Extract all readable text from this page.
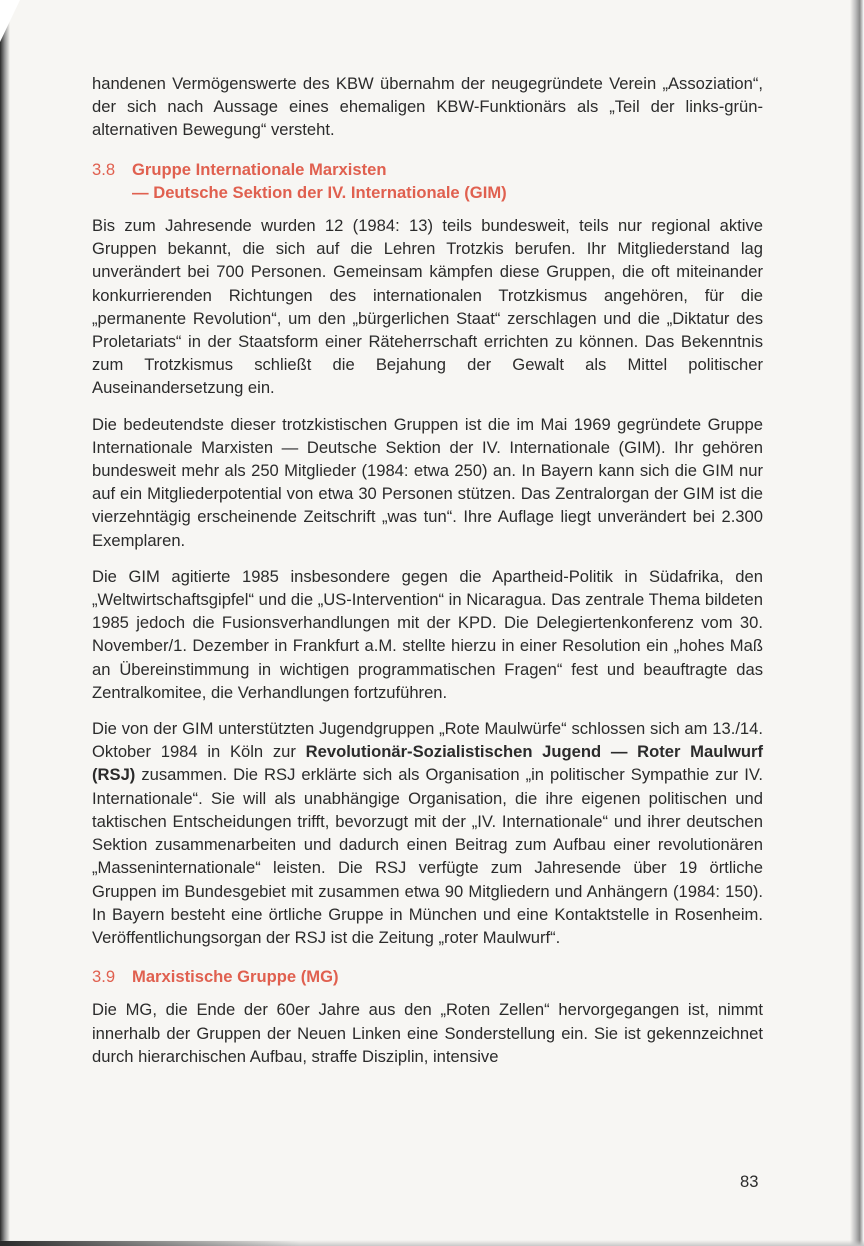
handenen Vermögenswerte des KBW übernahm der neugegründete Verein „Assoziation“, der sich nach Aussage eines ehemaligen KBW-Funktionärs als „Teil der links-grün-alternativen Bewegung“ versteht.

3.8 Gruppe Internationale Marxisten
— Deutsche Sektion der IV. Internationale (GIM)

Bis zum Jahresende wurden 12 (1984: 13) teils bundesweit, teils nur regional aktive Gruppen bekannt, die sich auf die Lehren Trotzkis berufen. Ihr Mitgliederstand lag unverändert bei 700 Personen. Gemeinsam kämpfen diese Gruppen, die oft miteinander konkurrierenden Richtungen des internationalen Trotzkismus angehören, für die „permanente Revolution“, um den „bürgerlichen Staat“ zerschlagen und die „Diktatur des Proletariats“ in der Staatsform einer Räteherrschaft errichten zu können. Das Bekenntnis zum Trotzkismus schließt die Bejahung der Gewalt als Mittel politischer Auseinandersetzung ein.

Die bedeutendste dieser trotzkistischen Gruppen ist die im Mai 1969 gegründete Gruppe Internationale Marxisten — Deutsche Sektion der IV. Internationale (GIM). Ihr gehören bundesweit mehr als 250 Mitglieder (1984: etwa 250) an. In Bayern kann sich die GIM nur auf ein Mitgliederpotential von etwa 30 Personen stützen. Das Zentralorgan der GIM ist die vierzehntägig erscheinende Zeitschrift „was tun“. Ihre Auflage liegt unverändert bei 2.300 Exemplaren.

Die GIM agitierte 1985 insbesondere gegen die Apartheid-Politik in Südafrika, den „Weltwirtschaftsgipfel“ und die „US-Intervention“ in Nicaragua. Das zentrale Thema bildeten 1985 jedoch die Fusionsverhandlungen mit der KPD. Die Delegiertenkonferenz vom 30. November/1. Dezember in Frankfurt a.M. stellte hierzu in einer Resolution ein „hohes Maß an Übereinstimmung in wichtigen programmatischen Fragen“ fest und beauftragte das Zentralkomitee, die Verhandlungen fortzuführen.

Die von der GIM unterstützten Jugendgruppen „Rote Maulwürfe“ schlossen sich am 13./14. Oktober 1984 in Köln zur Revolutionär-Sozialistischen Jugend — Roter Maulwurf (RSJ) zusammen. Die RSJ erklärte sich als Organisation „in politischer Sympathie zur IV. Internationale“. Sie will als unabhängige Organisation, die ihre eigenen politischen und taktischen Entscheidungen trifft, bevorzugt mit der „IV. Internationale“ und ihrer deutschen Sektion zusammenarbeiten und dadurch einen Beitrag zum Aufbau einer revolutionären „Masseninternationale“ leisten. Die RSJ verfügte zum Jahresende über 19 örtliche Gruppen im Bundesgebiet mit zusammen etwa 90 Mitgliedern und Anhängern (1984: 150). In Bayern besteht eine örtliche Gruppe in München und eine Kontaktstelle in Rosenheim. Veröffentlichungsorgan der RSJ ist die Zeitung „roter Maulwurf“.

3.9 Marxistische Gruppe (MG)

Die MG, die Ende der 60er Jahre aus den „Roten Zellen“ hervorgegangen ist, nimmt innerhalb der Gruppen der Neuen Linken eine Sonderstellung ein. Sie ist gekennzeichnet durch hierarchischen Aufbau, straffe Disziplin, intensive

83
